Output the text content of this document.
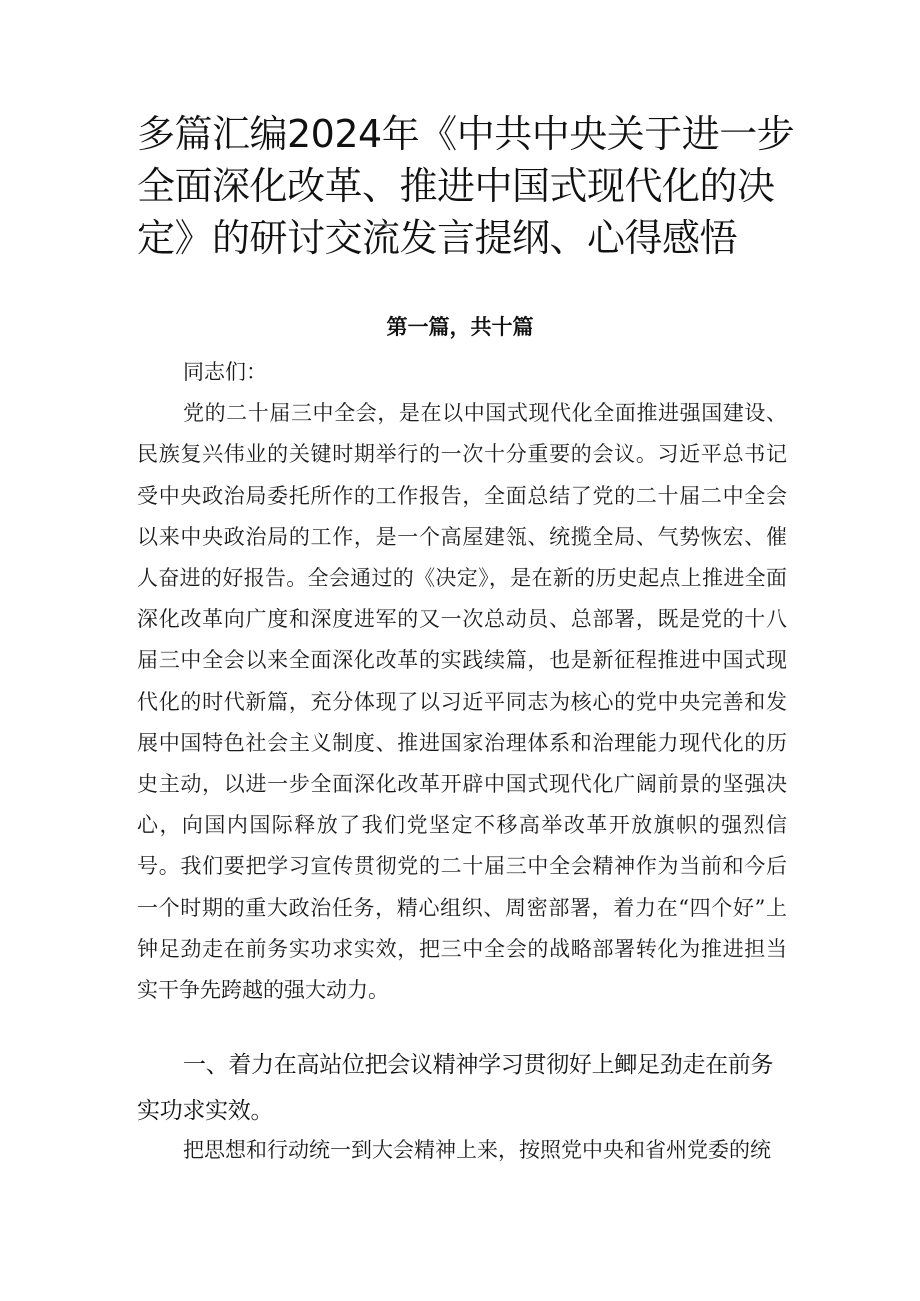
多篇汇编2024年《中共中央关于进一步全面深化改革、推进中国式现代化的决定》的研讨交流发言提纲、心得感悟
第一篇，共十篇

同志们：

党的二十届三中全会，是在以中国式现代化全面推进强国建设、民族复兴伟业的关键时期举行的一次十分重要的会议。习近平总书记受中央政治局委托所作的工作报告，全面总结了党的二十届二中全会以来中央政治局的工作，是一个高屋建瓴、统揽全局、气势恢宏、催人奋进的好报告。全会通过的《决定》，是在新的历史起点上推进全面深化改革向广度和深度进军的又一次总动员、总部署，既是党的十八届三中全会以来全面深化改革的实践续篇，也是新征程推进中国式现代化的时代新篇，充分体现了以习近平同志为核心的党中央完善和发展中国特色社会主义制度、推进国家治理体系和治理能力现代化的历史主动，以进一步全面深化改革开辟中国式现代化广阔前景的坚强决心，向国内国际释放了我们党坚定不移高举改革开放旗帜的强烈信号。我们要把学习宣传贯彻党的二十届三中全会精神作为当前和今后一个时期的重大政治任务，精心组织、周密部署，着力在“四个好”上钟足劲走在前务实功求实效，把三中全会的战略部署转化为推进担当实干争先跨越的强大动力。

一、着力在高站位把会议精神学习贯彻好上鲫足劲走在前务实功求实效。

把思想和行动统一到大会精神上来，按照党中央和省州党委的统
